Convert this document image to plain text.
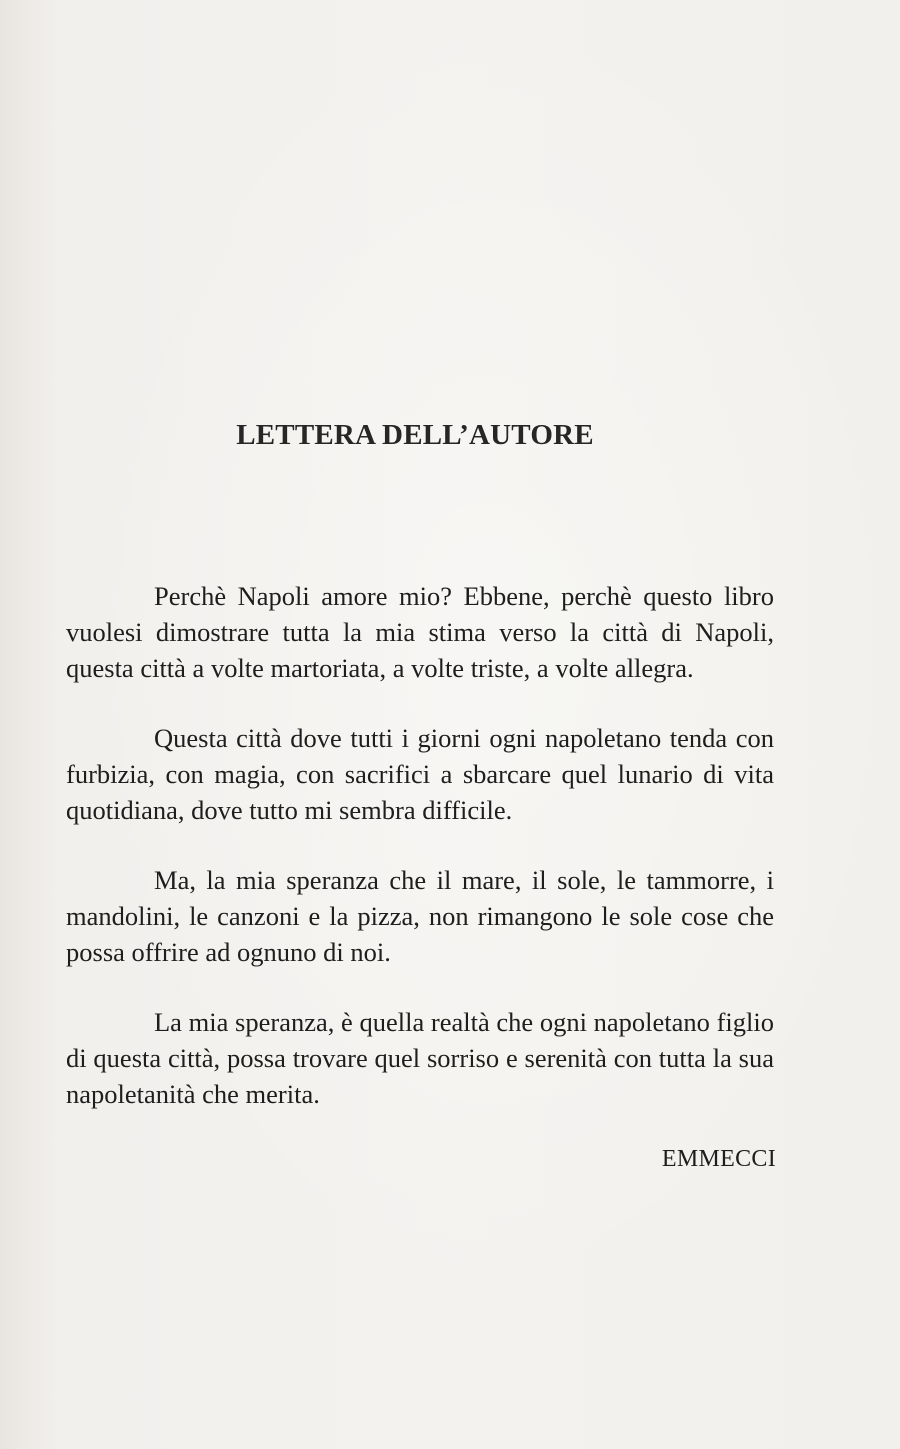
LETTERA DELL’AUTORE

Perchè Napoli amore mio? Ebbene, perchè questo libro vuolesi dimostrare tutta la mia stima verso la città di Napoli, questa città a volte martoriata, a volte triste, a volte allegra.

Questa città dove tutti i giorni ogni napoletano tenda con furbizia, con magia, con sacrifici a sbarcare quel lunario di vita quotidiana, dove tutto mi sembra difficile.

Ma, la mia speranza che il mare, il sole, le tammorre, i mandolini, le canzoni e la pizza, non rimangono le sole cose che possa offrire ad ognuno di noi.

La mia speranza, è quella realtà che ogni napoletano figlio di questa città, possa trovare quel sorriso e serenità con tutta la sua napoletanità che merita.

EMMECCI
